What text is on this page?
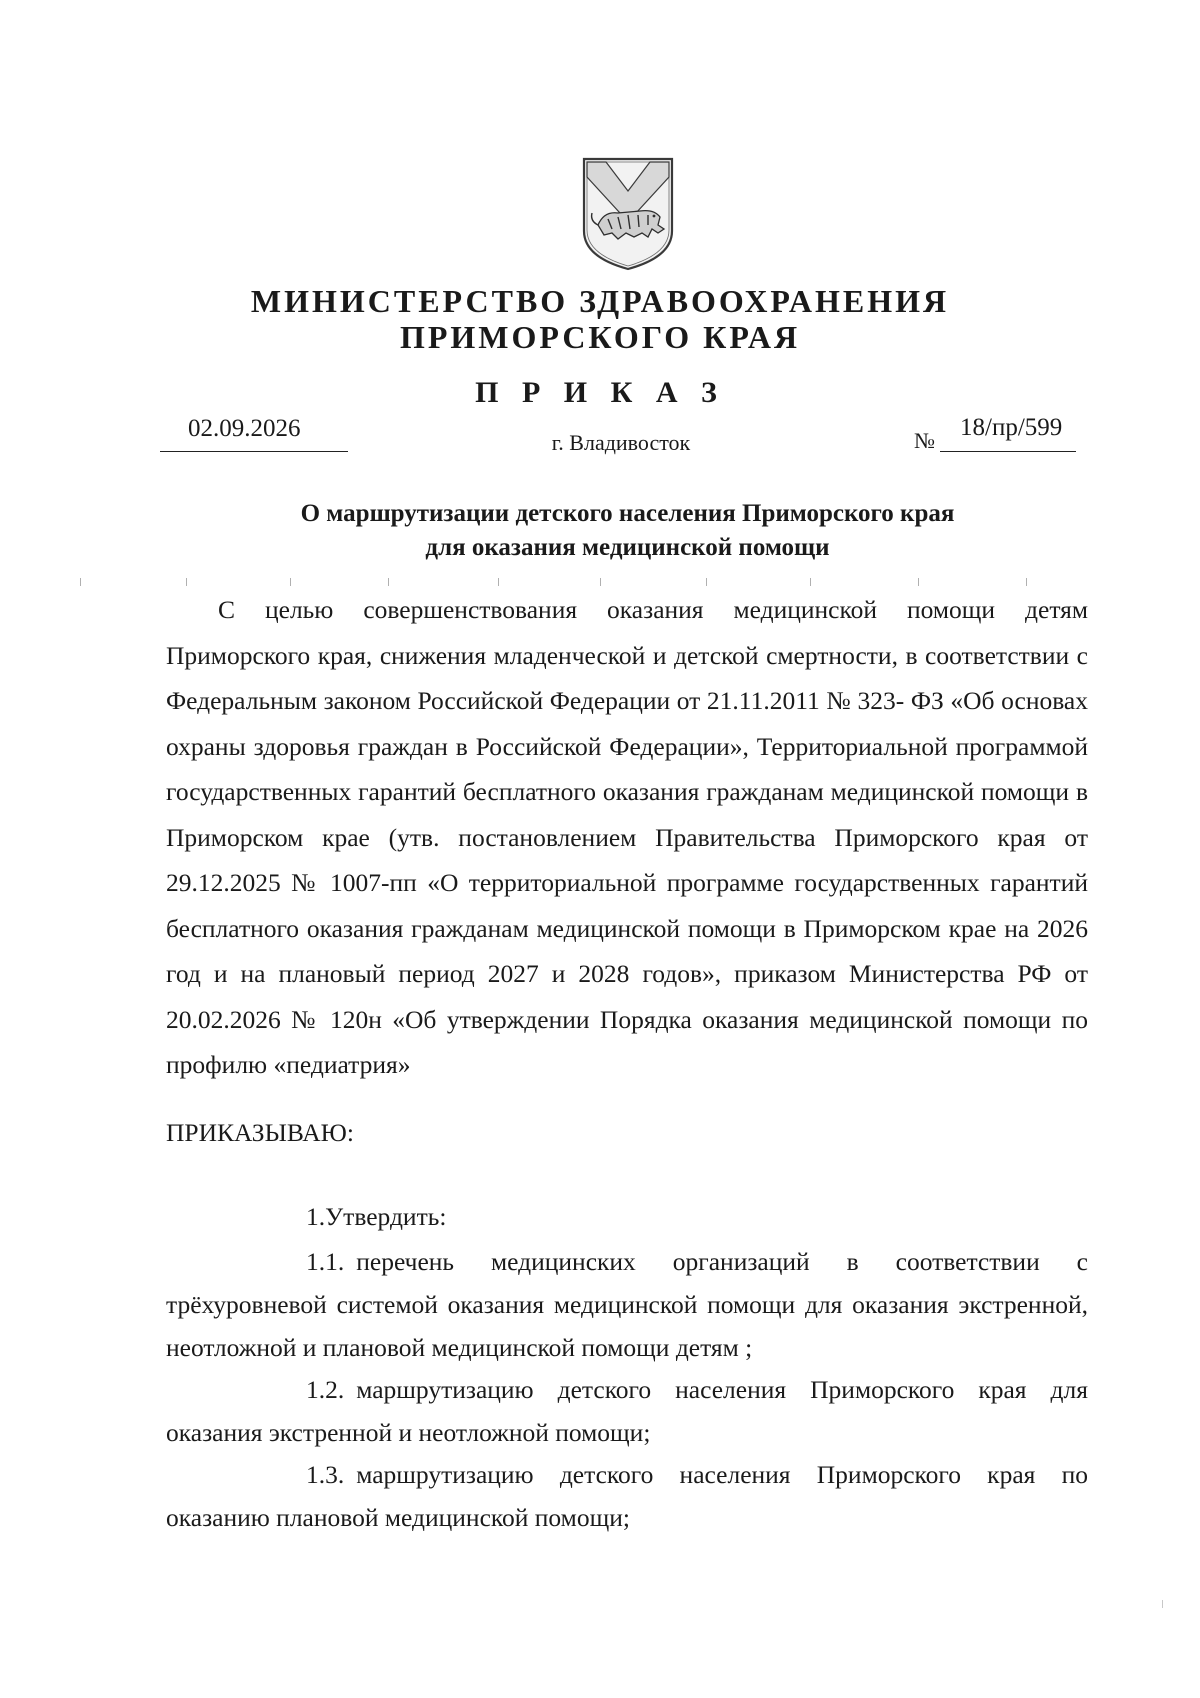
МИНИСТЕРСТВО ЗДРАВООХРАНЕНИЯ
ПРИМОРСКОГО КРАЯ
П Р И К А З
02.09.2026
г. Владивосток	№ 18/пр/599
О маршрутизации детского населения Приморского края
для оказания медицинской помощи
С целью совершенствования оказания медицинской помощи детям Приморского края, снижения младенческой и детской смертности, в соответствии с Федеральным законом Российской Федерации от 21.11.2011 № 323- ФЗ «Об основах охраны здоровья граждан в Российской Федерации», Территориальной программой государственных гарантий бесплатного оказания гражданам медицинской помощи в Приморском крае (утв. постановлением Правительства Приморского края от 29.12.2025 № 1007-пп «О территориальной программе государственных гарантий бесплатного оказания гражданам медицинской помощи в Приморском крае на 2026 год и на плановый период 2027 и 2028 годов», приказом Министерства РФ от 20.02.2026 № 120н «Об утверждении Порядка оказания медицинской помощи по профилю «педиатрия»
ПРИКАЗЫВАЮ:
1.Утвердить:
1.1. перечень медицинских организаций в соответствии с трёхуровневой системой оказания медицинской помощи для оказания экстренной, неотложной и плановой медицинской помощи детям ;
1.2. маршрутизацию детского населения Приморского края для оказания экстренной и неотложной помощи;
1.3. маршрутизацию детского населения Приморского края по оказанию плановой медицинской помощи;
